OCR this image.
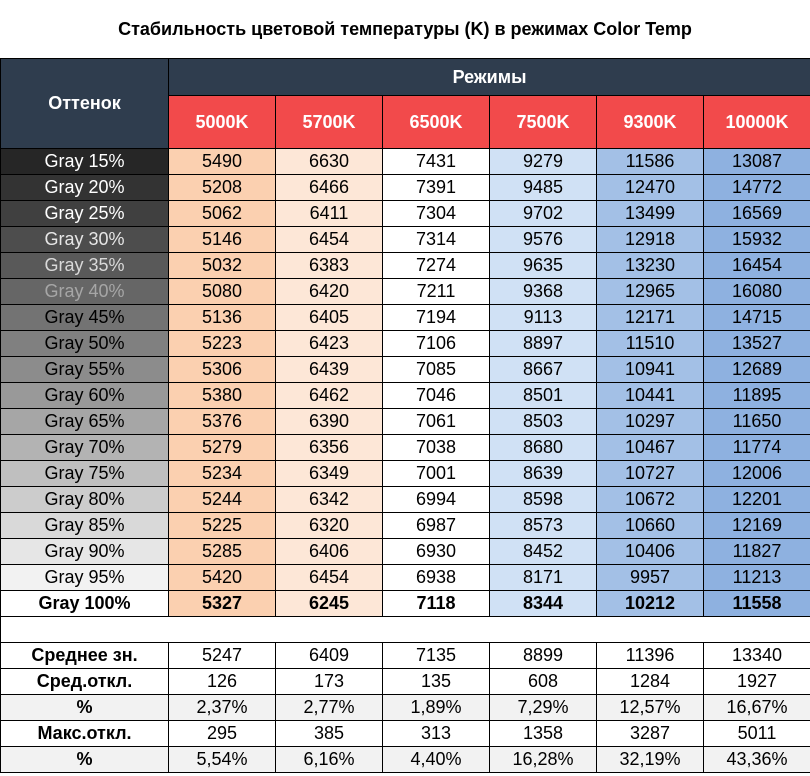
Стабильность цветовой температуры (K) в режимах Color Temp
Оттенок	Режимы					
	5000K	5700K	6500K	7500K	9300K	10000K
Gray 15%	5490	6630	7431	9279	11586	13087
Gray 20%	5208	6466	7391	9485	12470	14772
Gray 25%	5062	6411	7304	9702	13499	16569
Gray 30%	5146	6454	7314	9576	12918	15932
Gray 35%	5032	6383	7274	9635	13230	16454
Gray 40%	5080	6420	7211	9368	12965	16080
Gray 45%	5136	6405	7194	9113	12171	14715
Gray 50%	5223	6423	7106	8897	11510	13527
Gray 55%	5306	6439	7085	8667	10941	12689
Gray 60%	5380	6462	7046	8501	10441	11895
Gray 65%	5376	6390	7061	8503	10297	11650
Gray 70%	5279	6356	7038	8680	10467	11774
Gray 75%	5234	6349	7001	8639	10727	12006
Gray 80%	5244	6342	6994	8598	10672	12201
Gray 85%	5225	6320	6987	8573	10660	12169
Gray 90%	5285	6406	6930	8452	10406	11827
Gray 95%	5420	6454	6938	8171	9957	11213
Gray 100%	5327	6245	7118	8344	10212	11558

Среднее зн.	5247	6409	7135	8899	11396	13340
Сред.откл.	126	173	135	608	1284	1927
%	2,37%	2,77%	1,89%	7,29%	12,57%	16,67%
Макс.откл.	295	385	313	1358	3287	5011
%	5,54%	6,16%	4,40%	16,28%	32,19%	43,36%
